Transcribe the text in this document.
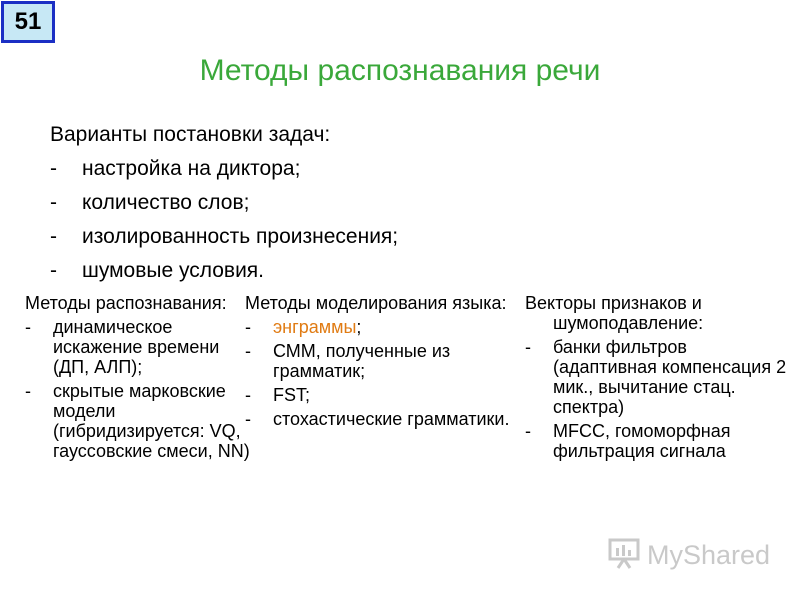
51
Методы распознавания речи
Варианты постановки задач:
-	настройка на диктора;
-	количество слов;
-	изолированность произнесения;
-	шумовые условия.
Методы распознавания:
-	динамическое искажение времени (ДП, АЛП);
-	скрытые марковские модели (гибридизируется: VQ, гауссовские смеси, NN)
Методы моделирования языка:
-	энграммы;
-	СММ, полученные из грамматик;
-	FST;
-	стохастические грамматики.
Векторы признаков и шумоподавление:
-	банки фильтров (адаптивная компенсация 2 мик., вычитание стац. спектра)
-	MFCC, гомоморфная фильтрация сигнала
MyShared
